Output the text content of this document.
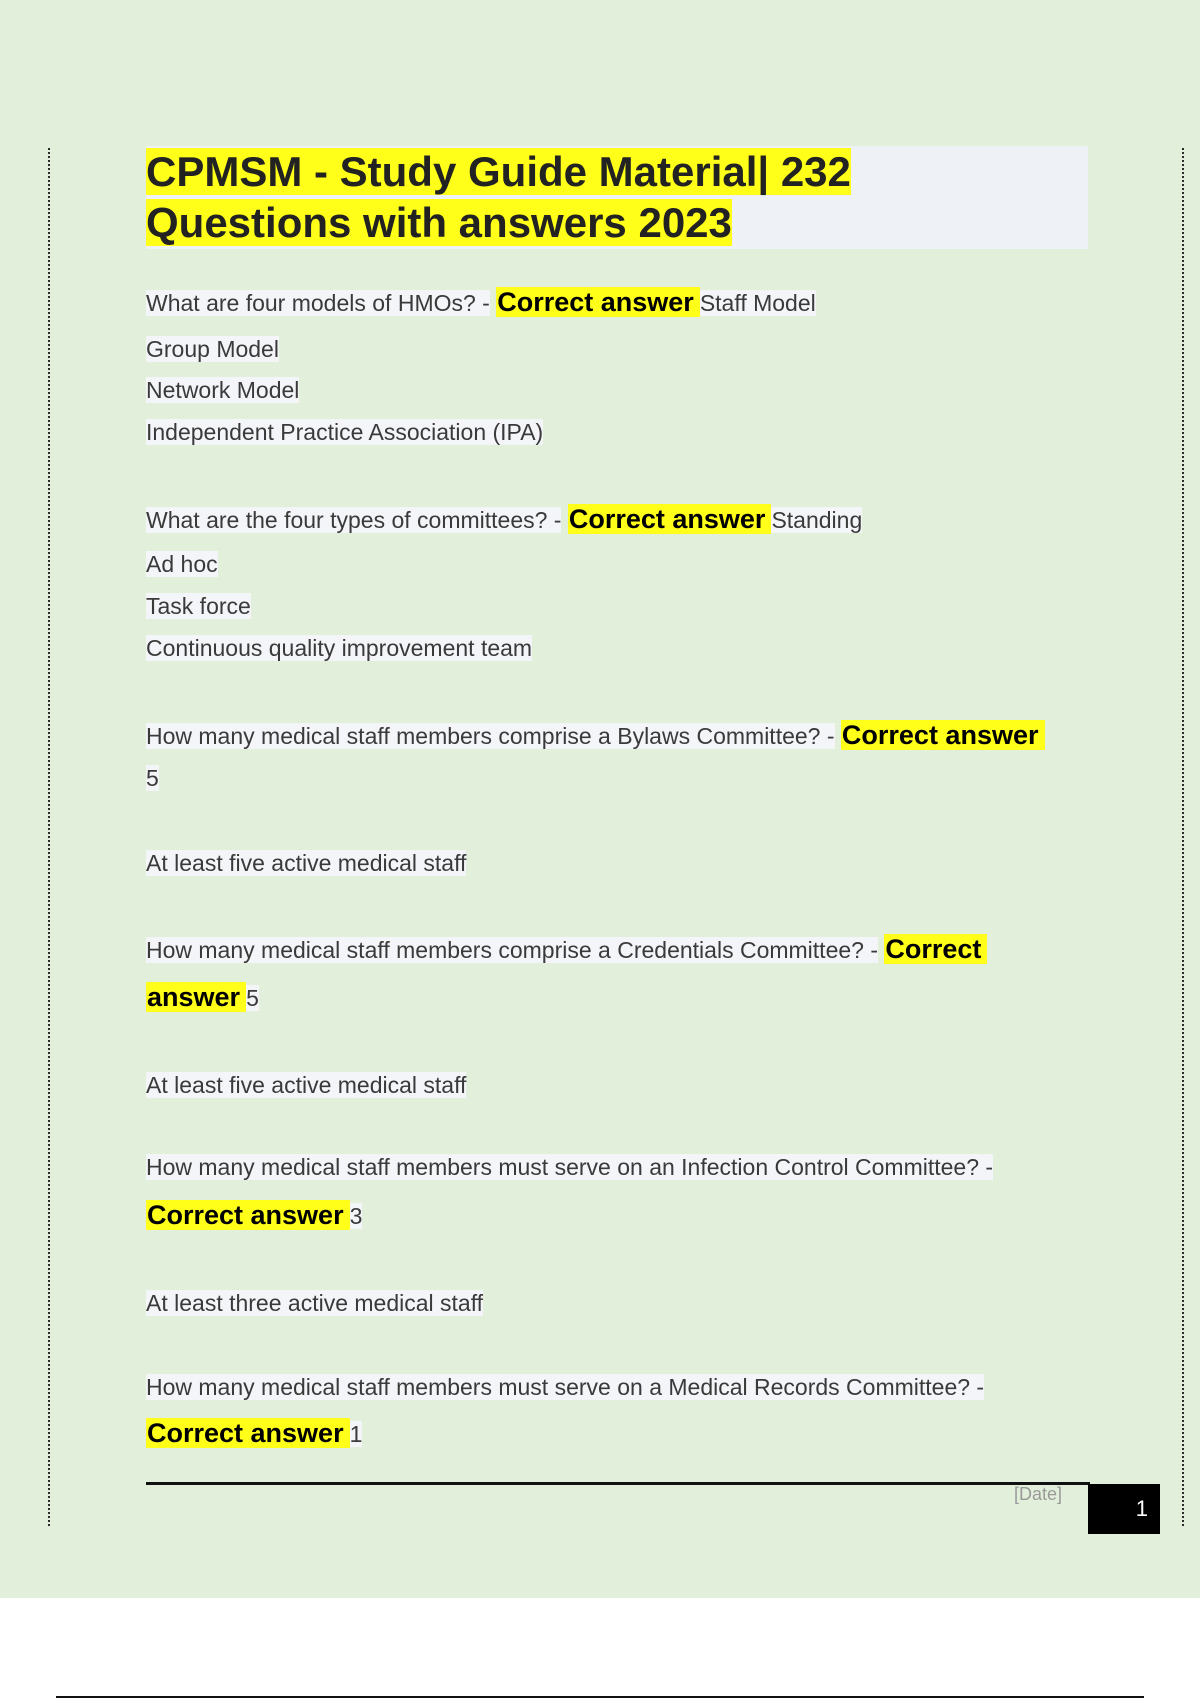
CPMSM - Study Guide Material| 232
Questions with answers 2023
What are four models of HMOs? - Correct answer Staff Model
Group Model
Network Model
Independent Practice Association (IPA)
What are the four types of committees? - Correct answer Standing
Ad hoc
Task force
Continuous quality improvement team
How many medical staff members comprise a Bylaws Committee? - Correct answer
5
At least five active medical staff
How many medical staff members comprise a Credentials Committee? - Correct
answer 5
At least five active medical staff
How many medical staff members must serve on an Infection Control Committee? -
Correct answer 3
At least three active medical staff
How many medical staff members must serve on a Medical Records Committee? -
Correct answer 1
[Date]
1
